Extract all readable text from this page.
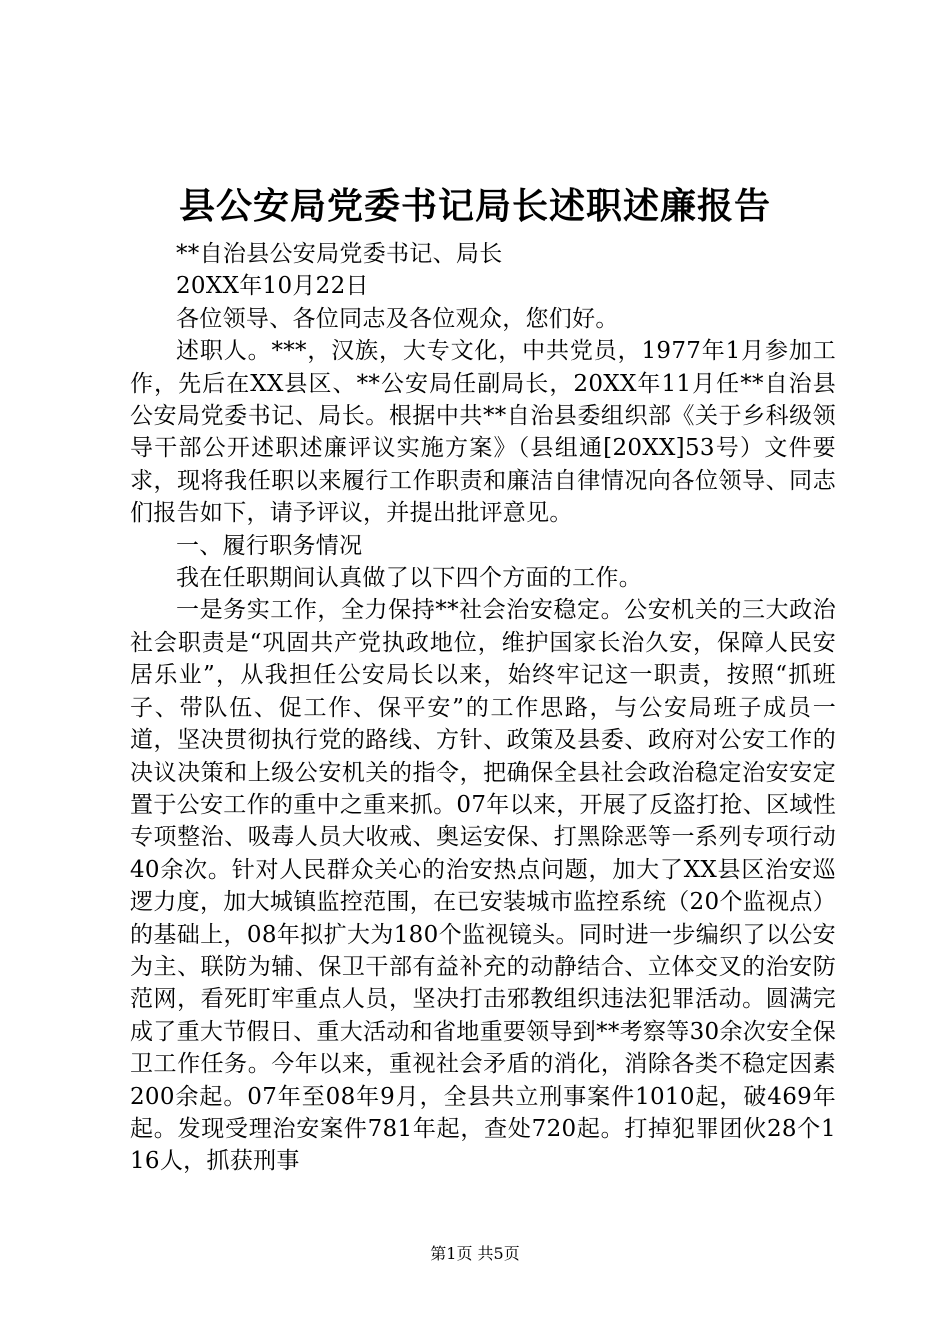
县公安局党委书记局长述职述廉报告

**自治县公安局党委书记、局长

20XX年10月22日

各位领导、各位同志及各位观众，您们好。

述职人。***，汉族，大专文化，中共党员，1977年1月参加工作，先后在XX县区、**公安局任副局长，20XX年11月任**自治县公安局党委书记、局长。根据中共**自治县委组织部《关于乡科级领导干部公开述职述廉评议实施方案》（县组通[20XX]53号）文件要求，现将我任职以来履行工作职责和廉洁自律情况向各位领导、同志们报告如下，请予评议，并提出批评意见。

一、履行职务情况

我在任职期间认真做了以下四个方面的工作。

一是务实工作，全力保持**社会治安稳定。公安机关的三大政治社会职责是“巩固共产党执政地位，维护国家长治久安，保障人民安居乐业”，从我担任公安局长以来，始终牢记这一职责，按照“抓班子、带队伍、促工作、保平安”的工作思路，与公安局班子成员一道，坚决贯彻执行党的路线、方针、政策及县委、政府对公安工作的决议决策和上级公安机关的指令，把确保全县社会政治稳定治安安定置于公安工作的重中之重来抓。07年以来，开展了反盗打抢、区域性专项整治、吸毒人员大收戒、奥运安保、打黑除恶等一系列专项行动40余次。针对人民群众关心的治安热点问题，加大了XX县区治安巡逻力度，加大城镇监控范围，在已安装城市监控系统（20个监视点）的基础上，08年拟扩大为180个监视镜头。同时进一步编织了以公安为主、联防为辅、保卫干部有益补充的动静结合、立体交叉的治安防范网，看死盯牢重点人员，坚决打击邪教组织违法犯罪活动。圆满完成了重大节假日、重大活动和省地重要领导到**考察等30余次安全保卫工作任务。今年以来，重视社会矛盾的消化，消除各类不稳定因素200余起。07年至08年9月，全县共立刑事案件1010起，破469年起。发现受理治安案件781年起，查处720起。打掉犯罪团伙28个116人，抓获刑事

第1页 共5页
